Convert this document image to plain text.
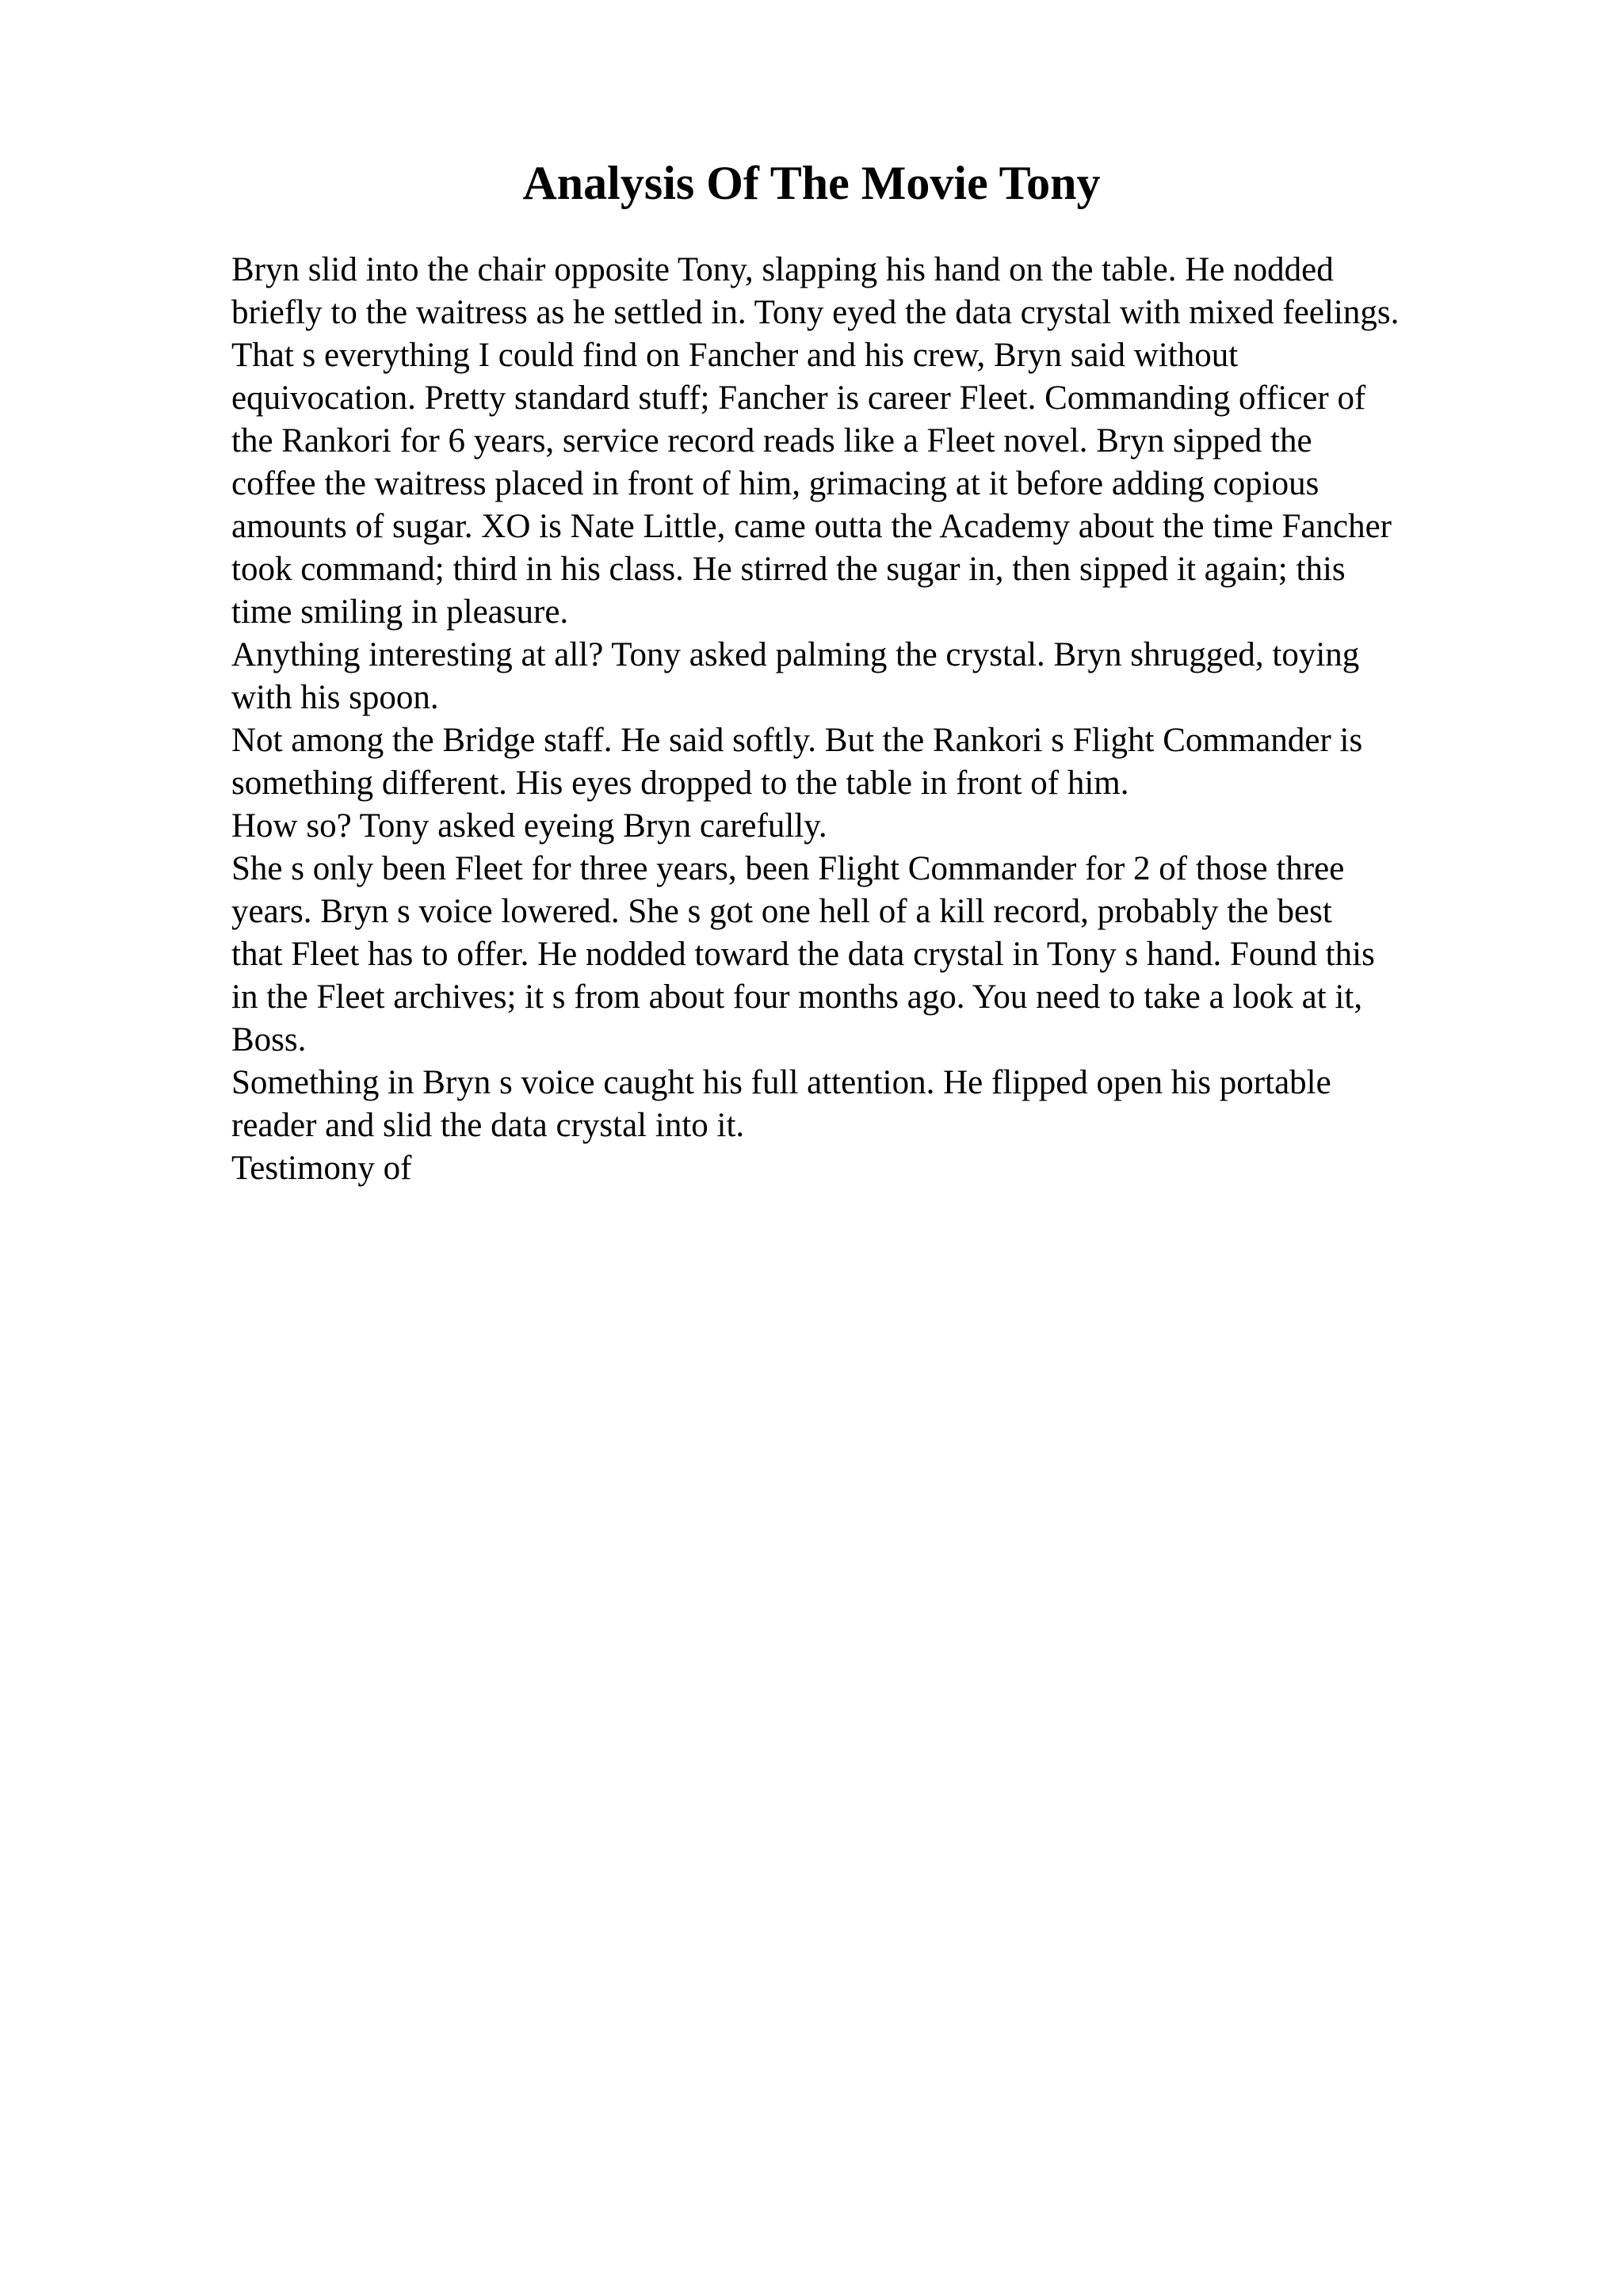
Analysis Of The Movie Tony
Bryn slid into the chair opposite Tony, slapping his hand on the table. He nodded
briefly to the waitress as he settled in. Tony eyed the data crystal with mixed feelings.
That s everything I could find on Fancher and his crew, Bryn said without
equivocation. Pretty standard stuff; Fancher is career Fleet. Commanding officer of
the Rankori for 6 years, service record reads like a Fleet novel. Bryn sipped the
coffee the waitress placed in front of him, grimacing at it before adding copious
amounts of sugar. XO is Nate Little, came outta the Academy about the time Fancher
took command; third in his class. He stirred the sugar in, then sipped it again; this
time smiling in pleasure.
Anything interesting at all? Tony asked palming the crystal. Bryn shrugged, toying
with his spoon.
Not among the Bridge staff. He said softly. But the Rankori s Flight Commander is
something different. His eyes dropped to the table in front of him.
How so? Tony asked eyeing Bryn carefully.
She s only been Fleet for three years, been Flight Commander for 2 of those three
years. Bryn s voice lowered. She s got one hell of a kill record, probably the best
that Fleet has to offer. He nodded toward the data crystal in Tony s hand. Found this
in the Fleet archives; it s from about four months ago. You need to take a look at it,
Boss.
Something in Bryn s voice caught his full attention. He flipped open his portable
reader and slid the data crystal into it.
Testimony of
